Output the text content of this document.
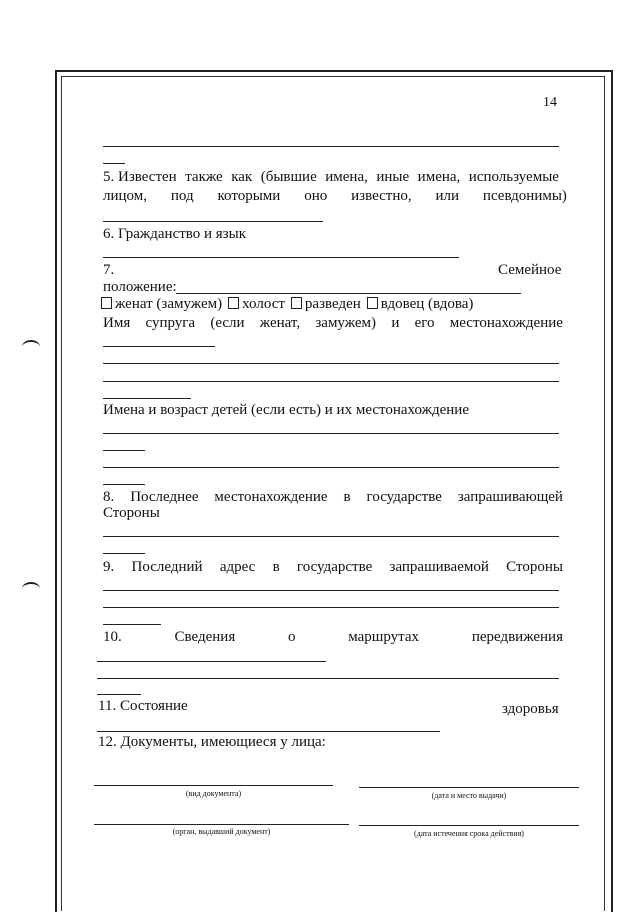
14
5. Известен также как (бывшие имена, иные имена, используемые
лицом, под которыми оно известно, или псевдонимы)
6. Гражданство и язык
7.	Семейное
положение:
женат (замужем) холост разведен вдовец (вдова)
Имя супруга (если женат, замужем) и его местонахождение
Имена и возраст детей (если есть) и их местонахождение
8. Последнее местонахождение в государстве запрашивающей
Стороны
9. Последний адрес в государстве запрашиваемой Стороны
10.	Сведения	о	маршрутах	передвижения
11. Состояние	здоровья
12. Документы, имеющиеся у лица:
(вид документа)	(дата и место выдачи)
(орган, выдавший документ)	(дата истечения срока действия)
